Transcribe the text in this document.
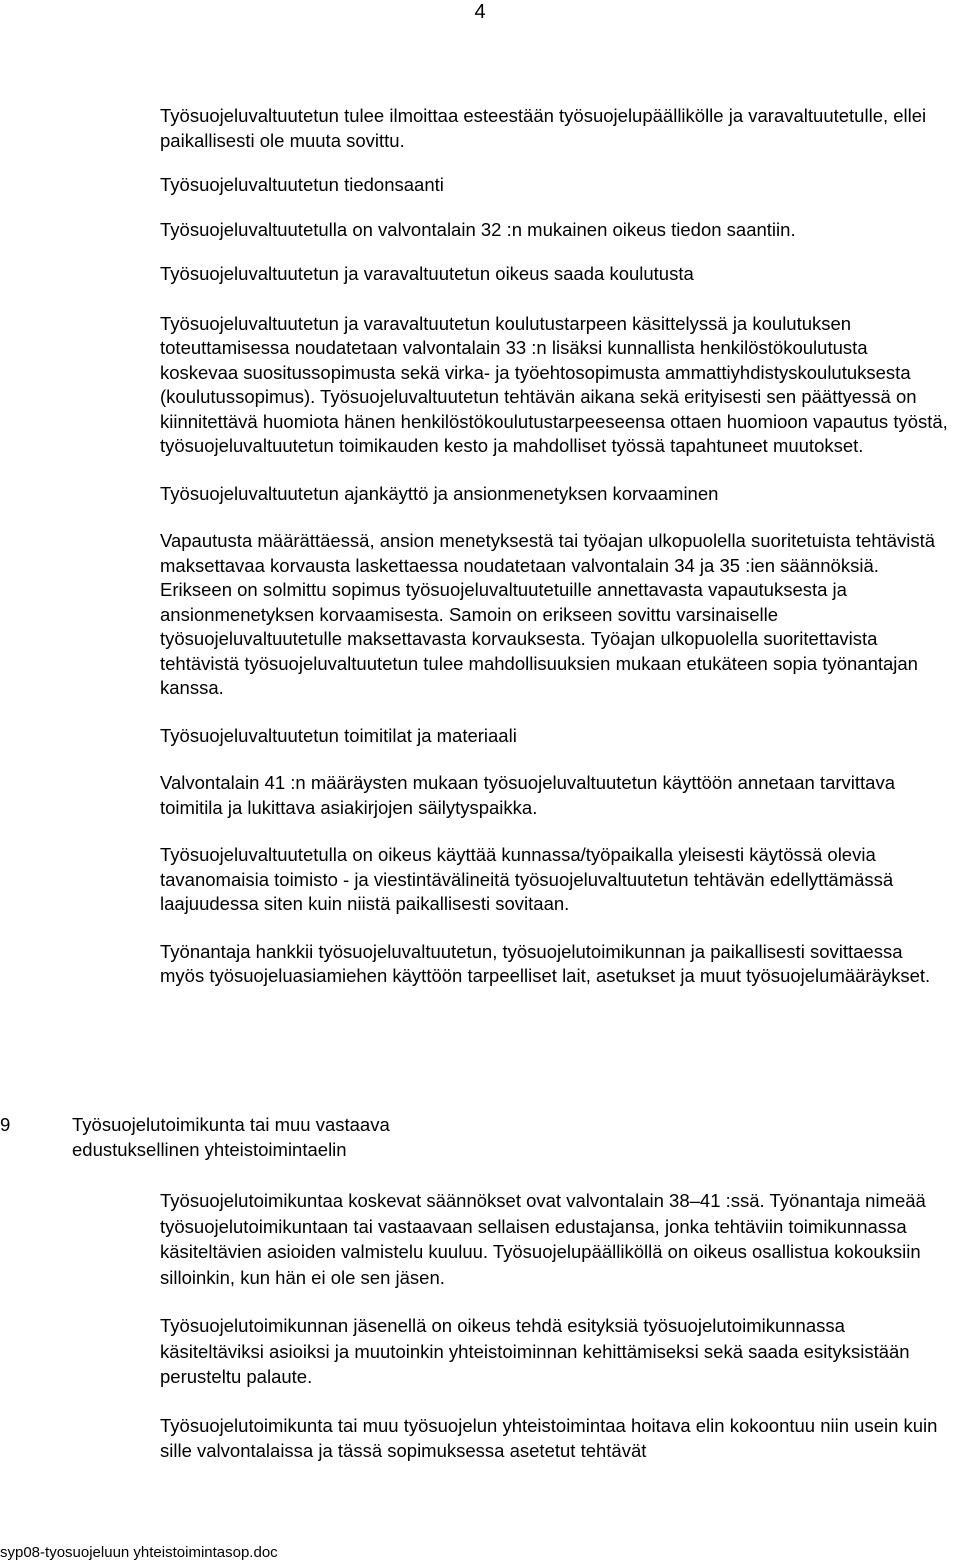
4

Työsuojeluvaltuutetun tulee ilmoittaa esteestään työsuojelupäällikölle ja varavaltuutetulle, ellei paikallisesti ole muuta sovittu.

Työsuojeluvaltuutetun tiedonsaanti

Työsuojeluvaltuutetulla on valvontalain 32 :n mukainen oikeus tiedon saantiin.

Työsuojeluvaltuutetun ja varavaltuutetun oikeus saada koulutusta

Työsuojeluvaltuutetun ja varavaltuutetun koulutustarpeen käsittelyssä ja koulutuksen toteuttamisessa noudatetaan valvontalain 33 :n lisäksi kunnallista henkilöstökoulutusta koskevaa suositussopimusta sekä virka- ja työehtosopimusta ammattiyhdistyskoulutuksesta (koulutussopimus). Työsuojeluvaltuutetun tehtävän aikana sekä erityisesti sen päättyessä on kiinnitettävä huomiota hänen henkilöstökoulutustarpeeseensa ottaen huomioon vapautus työstä, työsuojeluvaltuutetun toimikauden kesto ja mahdolliset työssä tapahtuneet muutokset.

Työsuojeluvaltuutetun ajankäyttö ja ansionmenetyksen korvaaminen

Vapautusta määrättäessä, ansion menetyksestä tai työajan ulkopuolella suoritetuista tehtävistä maksettavaa korvausta laskettaessa noudatetaan valvontalain 34 ja 35 :ien säännöksiä. Erikseen on solmittu sopimus työsuojeluvaltuutetuille annettavasta vapautuksesta ja ansionmenetyksen korvaamisesta. Samoin on erikseen sovittu varsinaiselle työsuojeluvaltuutetulle maksettavasta korvauksesta. Työajan ulkopuolella suoritettavista tehtävistä työsuojeluvaltuutetun tulee mahdollisuuksien mukaan etukäteen sopia työnantajan kanssa.

Työsuojeluvaltuutetun toimitilat ja materiaali

Valvontalain 41 :n määräysten mukaan työsuojeluvaltuutetun käyttöön annetaan tarvittava toimitila ja lukittava asiakirjojen säilytyspaikka.

Työsuojeluvaltuutetulla on oikeus käyttää kunnassa/työpaikalla yleisesti käytössä olevia tavanomaisia toimisto - ja viestintävälineitä työsuojeluvaltuutetun tehtävän edellyttämässä laajuudessa siten kuin niistä paikallisesti sovitaan.

Työnantaja hankkii työsuojeluvaltuutetun, työsuojelutoimikunnan ja paikallisesti sovittaessa myös työsuojeluasiamiehen käyttöön tarpeelliset lait, asetukset ja muut työsuojelumääräykset.

9	Työsuojelutoimikunta tai muu vastaava
edustuksellinen yhteistoimintaelin

Työsuojelutoimikuntaa koskevat säännökset ovat valvontalain 38–41 :ssä. Työnantaja nimeää työsuojelutoimikuntaan tai vastaavaan sellaisen edustajansa, jonka tehtäviin toimikunnassa käsiteltävien asioiden valmistelu kuuluu. Työsuojelupäälliköllä on oikeus osallistua kokouksiin silloinkin, kun hän ei ole sen jäsen.

Työsuojelutoimikunnan jäsenellä on oikeus tehdä esityksiä työsuojelutoimikunnassa käsiteltäviksi asioiksi ja muutoinkin yhteistoiminnan kehittämiseksi sekä saada esityksistään perusteltu palaute.

Työsuojelutoimikunta tai muu työsuojelun yhteistoimintaa hoitava elin kokoontuu niin usein kuin sille valvontalaissa ja tässä sopimuksessa asetetut tehtävät

syp08-tyosuojeluun yhteistoimintasop.doc
